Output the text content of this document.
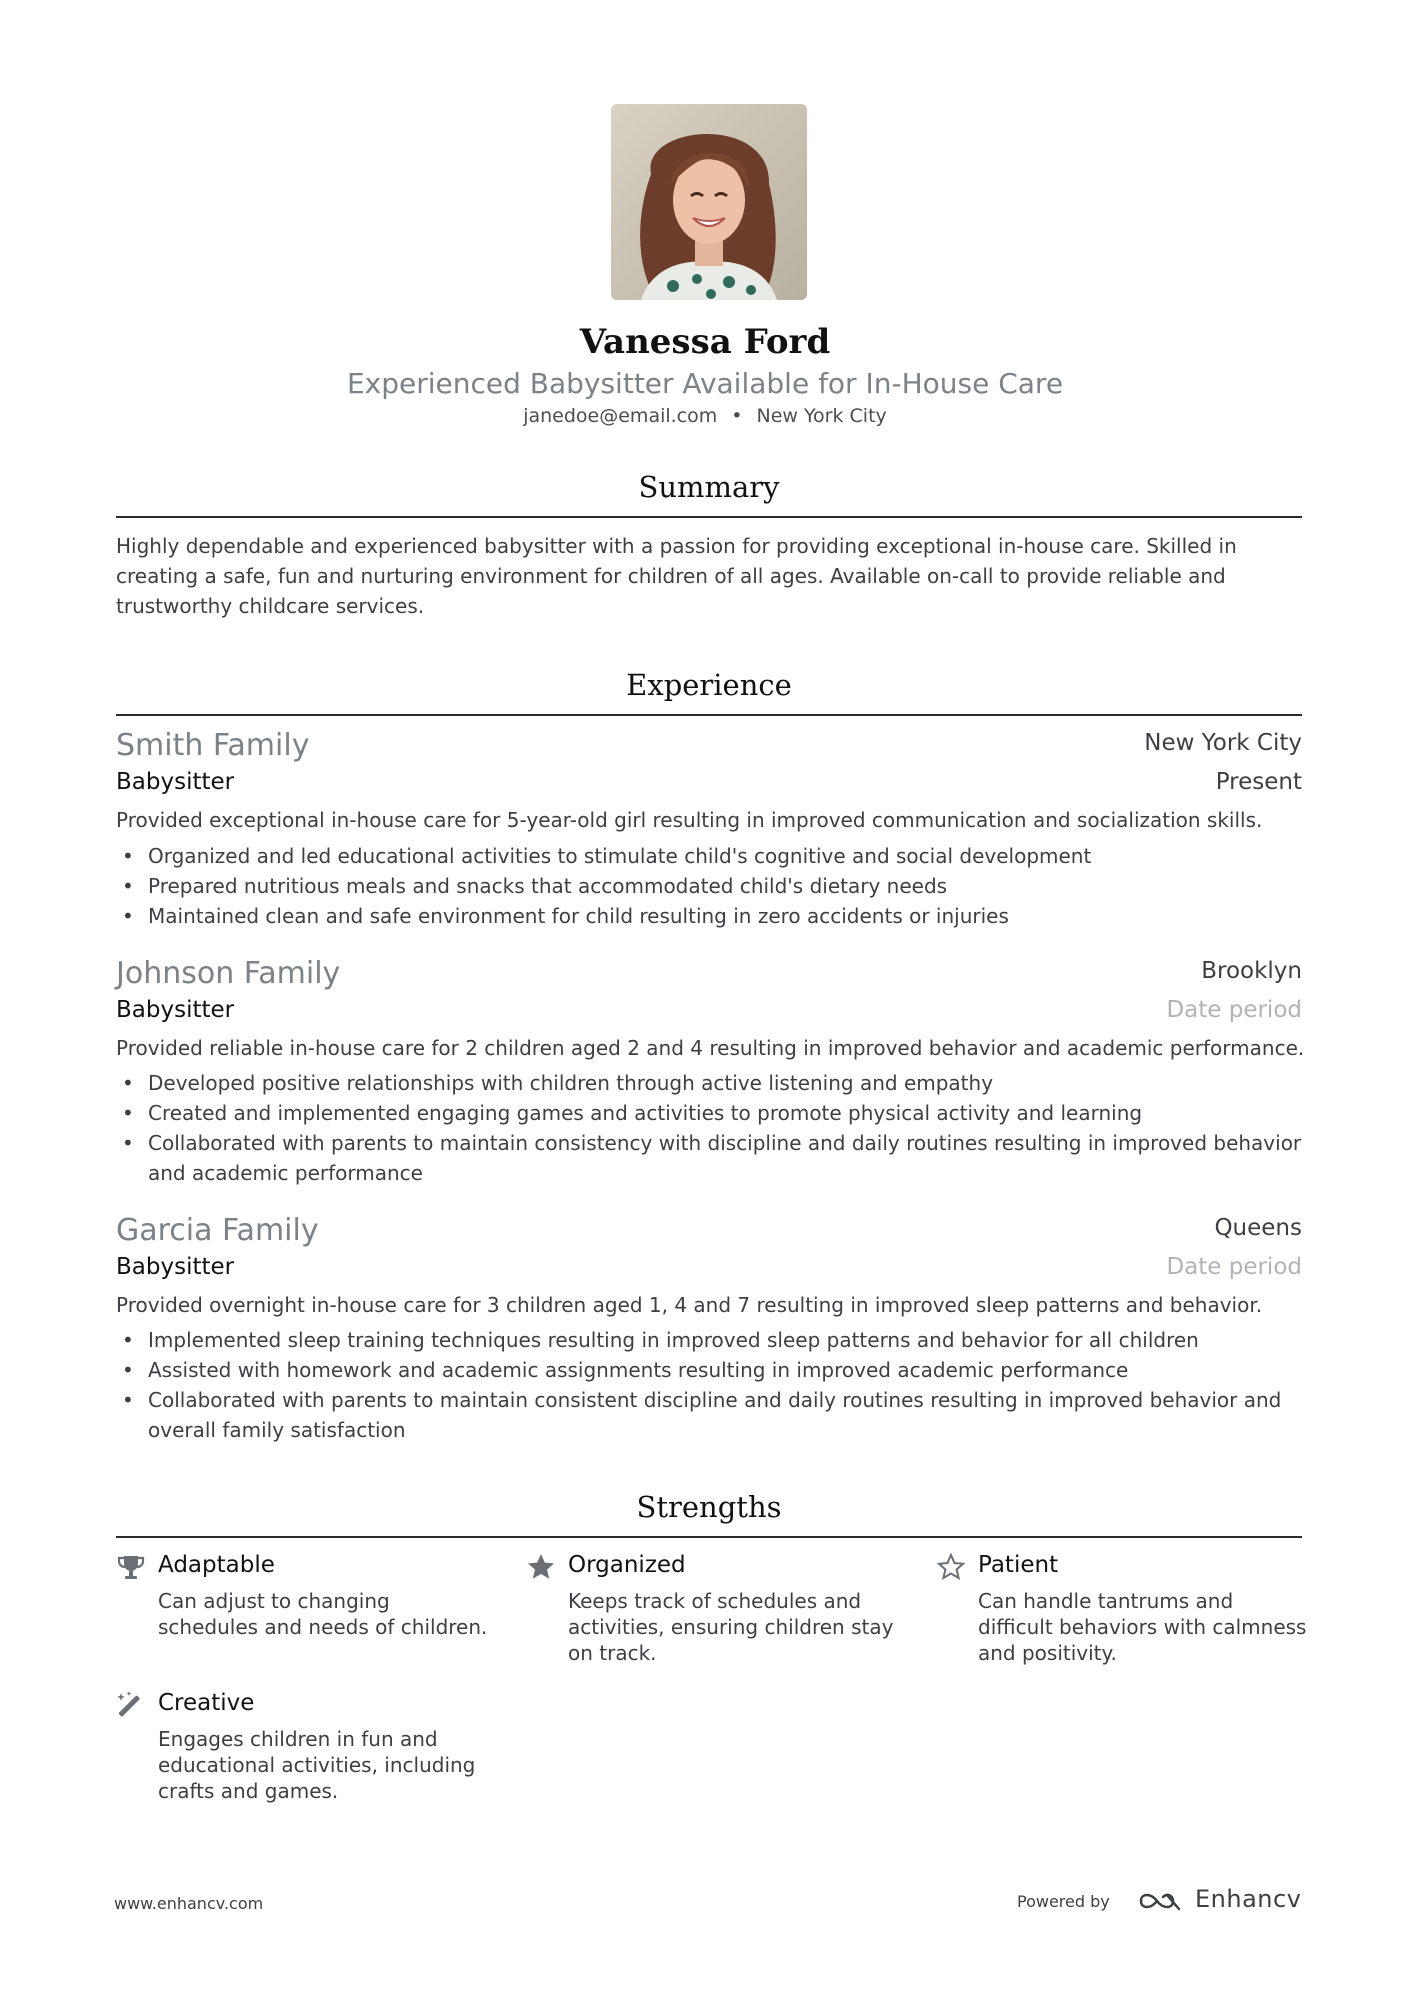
Vanessa Ford
Experienced Babysitter Available for In-House Care
janedoe@email.com • New York City
Summary

Highly dependable and experienced babysitter with a passion for providing exceptional in-house care. Skilled in creating a safe, fun and nurturing environment for children of all ages. Available on-call to provide reliable and trustworthy childcare services.

Experience
Smith Family	New York City
Babysitter	Present
Provided exceptional in-house care for 5-year-old girl resulting in improved communication and socialization skills.
• Organized and led educational activities to stimulate child's cognitive and social development
• Prepared nutritious meals and snacks that accommodated child's dietary needs
• Maintained clean and safe environment for child resulting in zero accidents or injuries
Johnson Family	Brooklyn
Babysitter	Date period
Provided reliable in-house care for 2 children aged 2 and 4 resulting in improved behavior and academic performance.
• Developed positive relationships with children through active listening and empathy
• Created and implemented engaging games and activities to promote physical activity and learning
• Collaborated with parents to maintain consistency with discipline and daily routines resulting in improved behavior and academic performance
Garcia Family	Queens
Babysitter	Date period
Provided overnight in-house care for 3 children aged 1, 4 and 7 resulting in improved sleep patterns and behavior.
• Implemented sleep training techniques resulting in improved sleep patterns and behavior for all children
• Assisted with homework and academic assignments resulting in improved academic performance
• Collaborated with parents to maintain consistent discipline and daily routines resulting in improved behavior and overall family satisfaction
Strengths
Adaptable
Can adjust to changing schedules and needs of children.
Organized
Keeps track of schedules and activities, ensuring children stay on track.
Patient
Can handle tantrums and difficult behaviors with calmness and positivity.
Creative
Engages children in fun and educational activities, including crafts and games.
www.enhancv.com	Powered by	Enhancv
